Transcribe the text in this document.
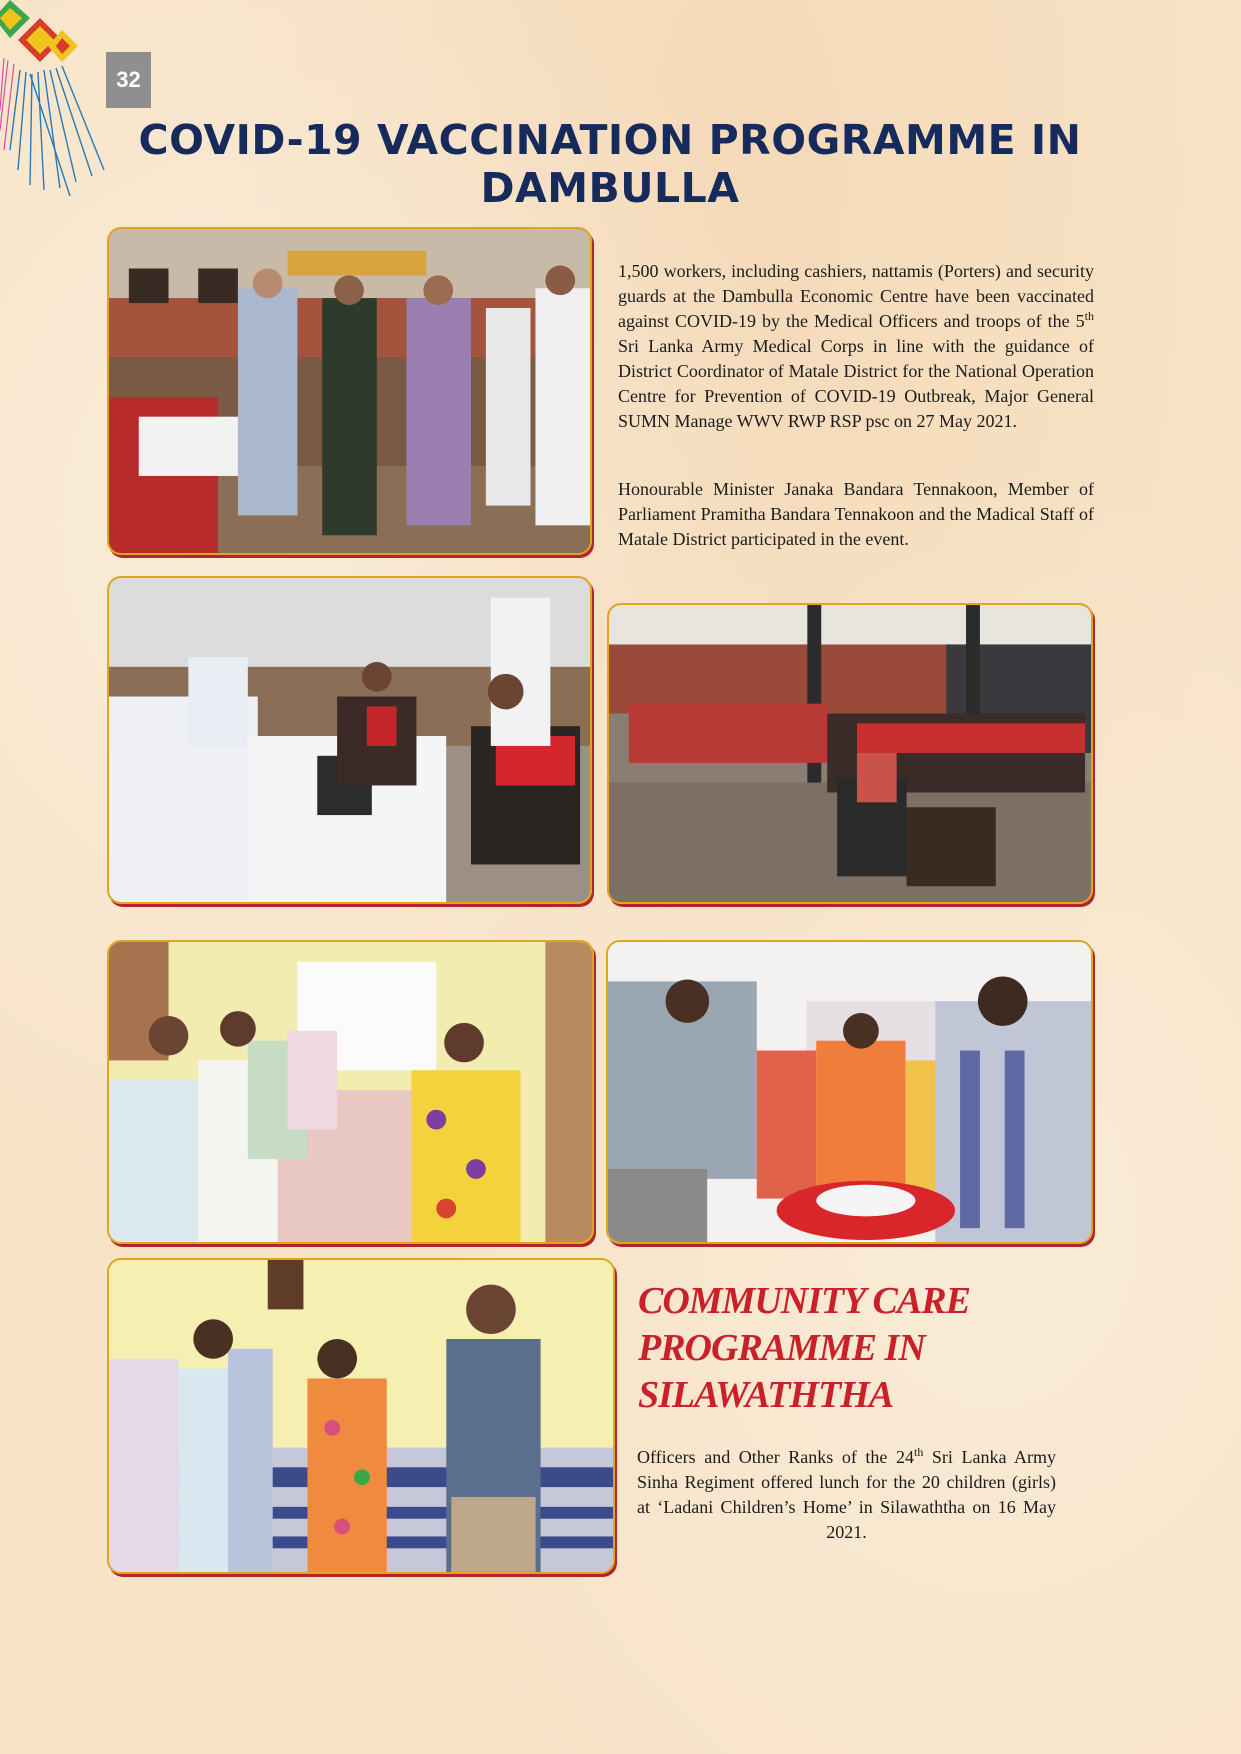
32
COVID-19 VACCINATION PROGRAMME IN DAMBULLA

1,500 workers, including cashiers, nattamis (Porters) and security guards at the Dambulla Economic Centre have been vaccinated against COVID-19 by the Medical Officers and troops of the 5th Sri Lanka Army Medical Corps in line with the guidance of District Coordinator of Matale District for the National Operation Centre for Prevention of COVID-19 Outbreak, Major General SUMN Manage WWV RWP RSP psc on 27 May 2021.

Honourable Minister Janaka Bandara Tennakoon, Member of Parliament Pramitha Bandara Tennakoon and the Madical Staff of Matale District participated in the event.

COMMUNITY CARE PROGRAMME IN SILAWATHTHA

Officers and Other Ranks of the 24th Sri Lanka Army Sinha Regiment offered lunch for the 20 children (girls) at ‘Ladani Children’s Home’ in Silawaththa on 16 May 2021.
